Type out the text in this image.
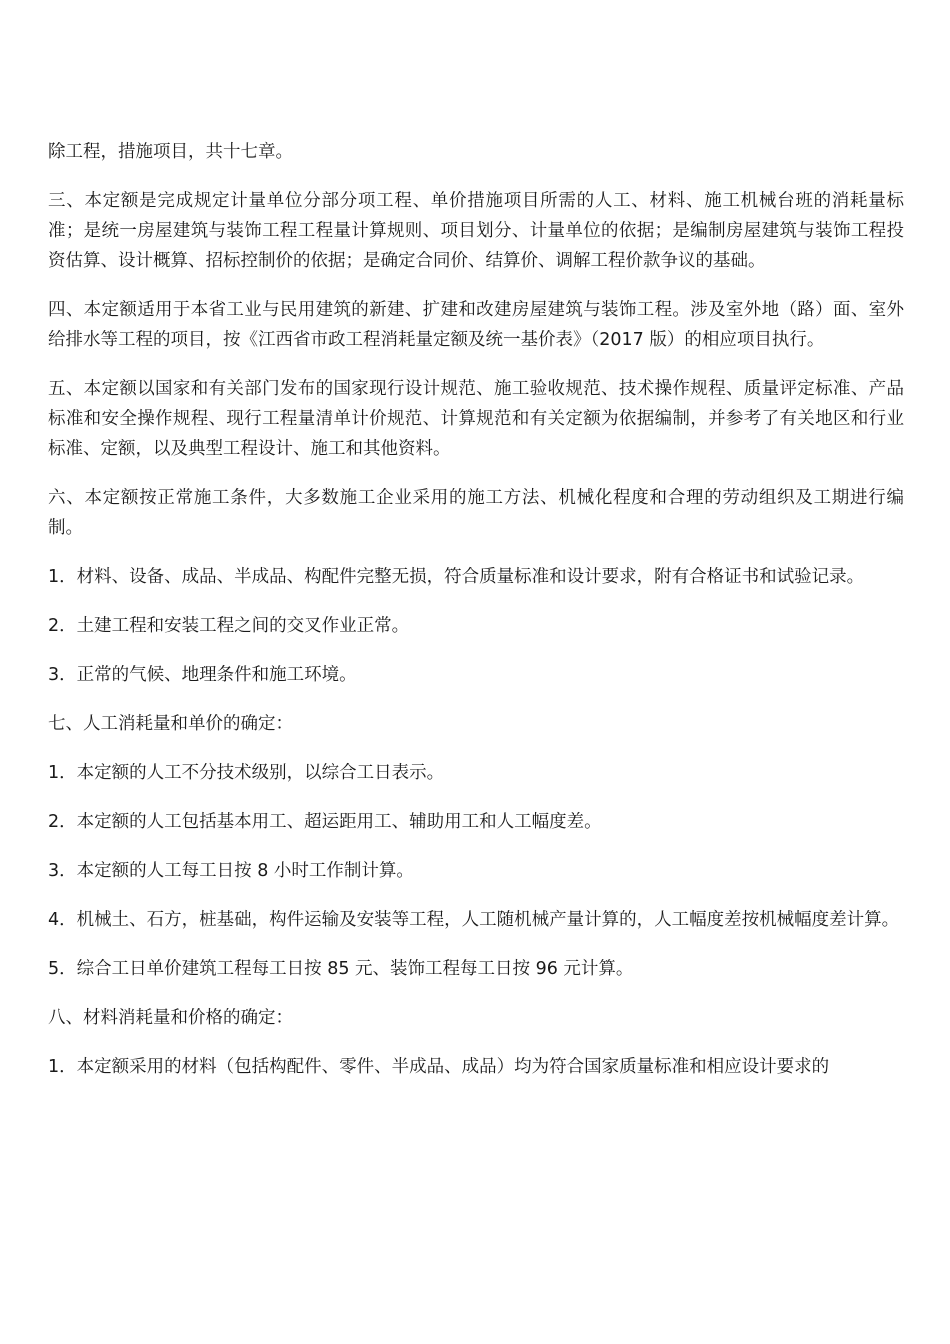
除工程，措施项目，共十七章。

三、本定额是完成规定计量单位分部分项工程、单价措施项目所需的人工、材料、施工机械台班的消耗量标准；是统一房屋建筑与装饰工程工程量计算规则、项目划分、计量单位的依据；是编制房屋建筑与装饰工程投资估算、设计概算、招标控制价的依据；是确定合同价、结算价、调解工程价款争议的基础。

四、本定额适用于本省工业与民用建筑的新建、扩建和改建房屋建筑与装饰工程。涉及室外地（路）面、室外给排水等工程的项目，按《江西省市政工程消耗量定额及统一基价表》（2017 版）的相应项目执行。

五、本定额以国家和有关部门发布的国家现行设计规范、施工验收规范、技术操作规程、质量评定标准、产品标准和安全操作规程、现行工程量清单计价规范、计算规范和有关定额为依据编制，并参考了有关地区和行业标准、定额，以及典型工程设计、施工和其他资料。

六、本定额按正常施工条件，大多数施工企业采用的施工方法、机械化程度和合理的劳动组织及工期进行编制。

1．材料、设备、成品、半成品、构配件完整无损，符合质量标准和设计要求，附有合格证书和试验记录。

2．土建工程和安装工程之间的交叉作业正常。

3．正常的气候、地理条件和施工环境。

七、人工消耗量和单价的确定：

1．本定额的人工不分技术级别，以综合工日表示。

2．本定额的人工包括基本用工、超运距用工、辅助用工和人工幅度差。

3．本定额的人工每工日按 8 小时工作制计算。

4．机械土、石方，桩基础，构件运输及安装等工程，人工随机械产量计算的，人工幅度差按机械幅度差计算。

5．综合工日单价建筑工程每工日按 85 元、装饰工程每工日按 96 元计算。

八、材料消耗量和价格的确定：

1．本定额采用的材料（包括构配件、零件、半成品、成品）均为符合国家质量标准和相应设计要求的
